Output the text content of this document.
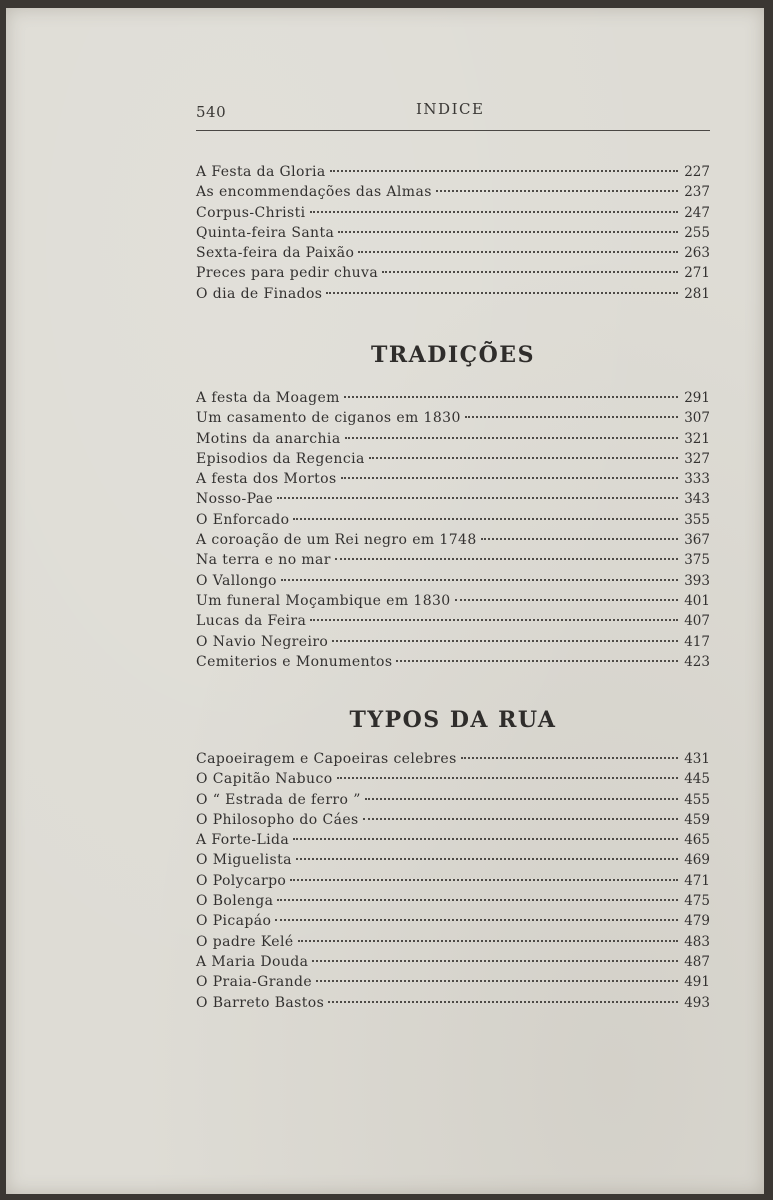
540	INDICE
A Festa da Gloria	227
As encommendações das Almas	237
Corpus-Christi	247
Quinta-feira Santa	255
Sexta-feira da Paixão	263
Preces para pedir chuva	271
O dia de Finados	281
TRADIÇÕES
A festa da Moagem	291
Um casamento de ciganos em 1830	307
Motins da anarchia	321
Episodios da Regencia	327
A festa dos Mortos	333
Nosso-Pae	343
O Enforcado	355
A coroação de um Rei negro em 1748	367
Na terra e no mar	375
O Vallongo	393
Um funeral Moçambique em 1830	401
Lucas da Feira	407
O Navio Negreiro	417
Cemiterios e Monumentos	423
TYPOS DA RUA
Capoeiragem e Capoeiras celebres	431
O Capitão Nabuco	445
O “ Estrada de ferro ”	455
O Philosopho do Cáes	459
A Forte-Lida	465
O Miguelista	469
O Polycarpo	471
O Bolenga	475
O Picapáo	479
O padre Kelé	483
A Maria Douda	487
O Praia-Grande	491
O Barreto Bastos	493
